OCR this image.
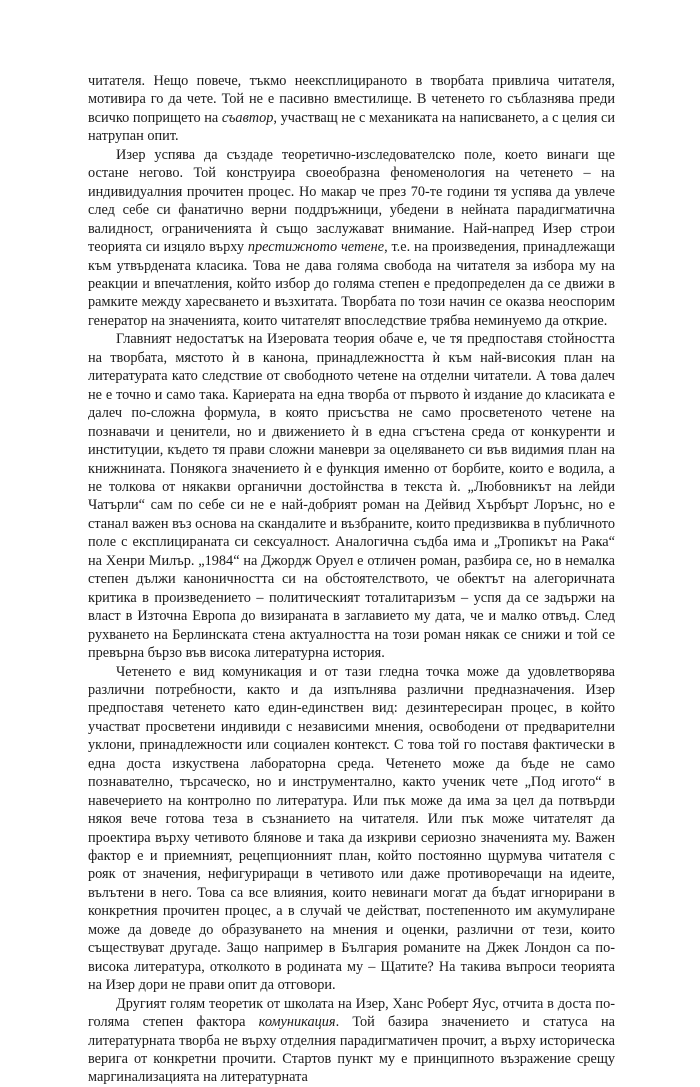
читателя. Нещо повече, тъкмо неексплицираното в творбата привлича читателя, мотивира го да чете. Той не е пасивно вместилище. В четенето го съблазнява преди всичко попрището на съавтор, участващ не с механиката на написването, а с целия си натрупан опит.

Изер успява да създаде теоретично-изследователско поле, което винаги ще остане негово. Той конструира своеобразна феноменология на четенето – на индивидуалния прочитен процес. Но макар че през 70-те години тя успява да увлече след себе си фанатично верни поддръжници, убедени в нейната парадигматична валидност, ограниченията ѝ също заслужават внимание. Най-напред Изер строи теорията си изцяло върху престижното четене, т.е. на произведения, принадлежащи към утвърдената класика. Това не дава голяма свобода на читателя за избора му на реакции и впечатления, който избор до голяма степен е предопределен да се движи в рамките между харесването и възхитата. Творбата по този начин се оказва неоспорим генератор на значенията, които читателят впоследствие трябва неминуемо да открие.

Главният недостатък на Изеровата теория обаче е, че тя предпоставя стойността на творбата, мястото ѝ в канона, принадлежността ѝ към най-високия план на литературата като следствие от свободното четене на отделни читатели. А това далеч не е точно и само така. Кариерата на една творба от първото ѝ издание до класиката е далеч по-сложна формула, в която присъства не само просветеното четене на познавачи и ценители, но и движението ѝ в една сгъстена среда от конкуренти и институции, където тя прави сложни маневри за оцеляването си във видимия план на книжнината. Понякога значението ѝ е функция именно от борбите, които е водила, а не толкова от някакви органични достойнства в текста ѝ. „Любовникът на лейди Чатърли“ сам по себе си не е най-добрият роман на Дейвид Хърбърт Лорънс, но е станал важен въз основа на скандалите и възбраните, които предизвиква в публичното поле с експлицираната си сексуалност. Аналогична съдба има и „Тропикът на Рака“ на Хенри Милър. „1984“ на Джордж Оруел е отличен роман, разбира се, но в немалка степен дължи каноничността си на обстоятелството, че обектът на алегоричната критика в произведението – политическият тоталитаризъм – успя да се задържи на власт в Източна Европа до визираната в заглавието му дата, че и малко отвъд. След рухването на Берлинската стена актуалността на този роман някак се снижи и той се превърна бързо във висока литературна история.

Четенето е вид комуникация и от тази гледна точка може да удовлетворява различни потребности, както и да изпълнява различни предназначения. Изер предпоставя четенето като един-единствен вид: дезинтересиран процес, в който участват просветени индивиди с независими мнения, освободени от предварителни уклони, принадлежности или социален контекст. С това той го поставя фактически в една доста изкуствена лабораторна среда. Четенето може да бъде не само познавателно, търсаческо, но и инструментално, както ученик чете „Под игото“ в навечерието на контролно по литература. Или пък може да има за цел да потвърди някоя вече готова теза в съзнанието на читателя. Или пък може читателят да проектира върху четивото блянове и така да изкриви сериозно значенията му. Важен фактор е и приемният, рецепционният план, който постоянно щурмува читателя с рояк от значения, нефигуриращи в четивото или даже противоречащи на идеите, вълътени в него. Това са все влияния, които невинаги могат да бъдат игнорирани в конкретния прочитен процес, а в случай че действат, постепенното им акумулиране може да доведе до образуването на мнения и оценки, различни от тези, които съществуват другаде. Защо например в България романите на Джек Лондон са по-висока литература, отколкото в родината му – Щатите? На такива въпроси теорията на Изер дори не прави опит да отговори.

Другият голям теоретик от школата на Изер, Ханс Роберт Яус, отчита в доста по-голяма степен фактора комуникация. Той базира значението и статуса на литературната творба не върху отделния парадигматичен прочит, а върху историческа верига от конкретни прочити. Стартов пункт му е принципното възражение срещу маргинализацията на литературната
